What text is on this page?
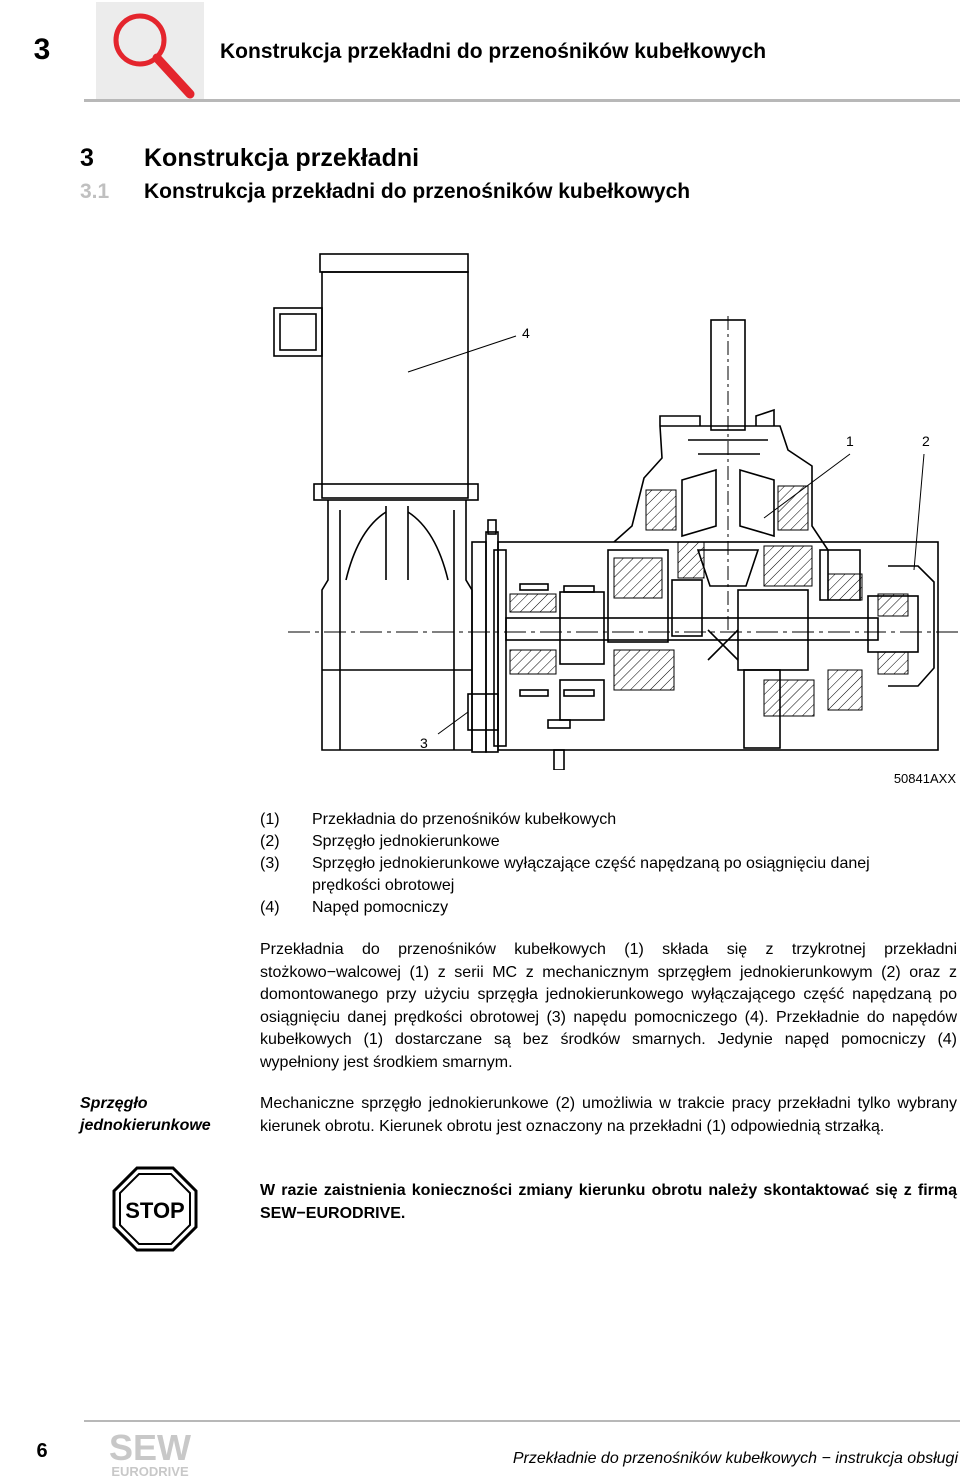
3	Konstrukcja przekładni do przenośników kubełkowych
3 Konstrukcja przekładni
3.1 Konstrukcja przekładni do przenośników kubełkowych
4
1	2
3
50841AXX
(1)	Przekładnia do przenośników kubełkowych
(2)	Sprzęgło jednokierunkowe
(3)	Sprzęgło jednokierunkowe wyłączające część napędzaną po osiągnięciu danej prędkości obrotowej
(4)	Napęd pomocniczy

Przekładnia do przenośników kubełkowych (1) składa się z trzykrotnej przekładni stożkowo−walcowej (1) z serii MC z mechanicznym sprzęgłem jednokierunkowym (2) oraz z domontowanego przy użyciu sprzęgła jednokierunkowego wyłączającego część napędzaną po osiągnięciu danej prędkości obrotowej (3) napędu pomocniczego (4). Przekładnie do napędów kubełkowych (1) dostarczane są bez środków smarnych. Jedynie napęd pomocniczy (4) wypełniony jest środkiem smarnym.

Sprzęgło jednokierunkowe

Mechaniczne sprzęgło jednokierunkowe (2) umożliwia w trakcie pracy przekładni tylko wybrany kierunek obrotu. Kierunek obrotu jest oznaczony na przekładni (1) odpowiednią strzałką.

STOP

W razie zaistnienia konieczności zmiany kierunku obrotu należy skontaktować się z firmą SEW−EURODRIVE.

6 SEW
EURODRIVE
Przekładnie do przenośników kubełkowych − instrukcja obsługi
